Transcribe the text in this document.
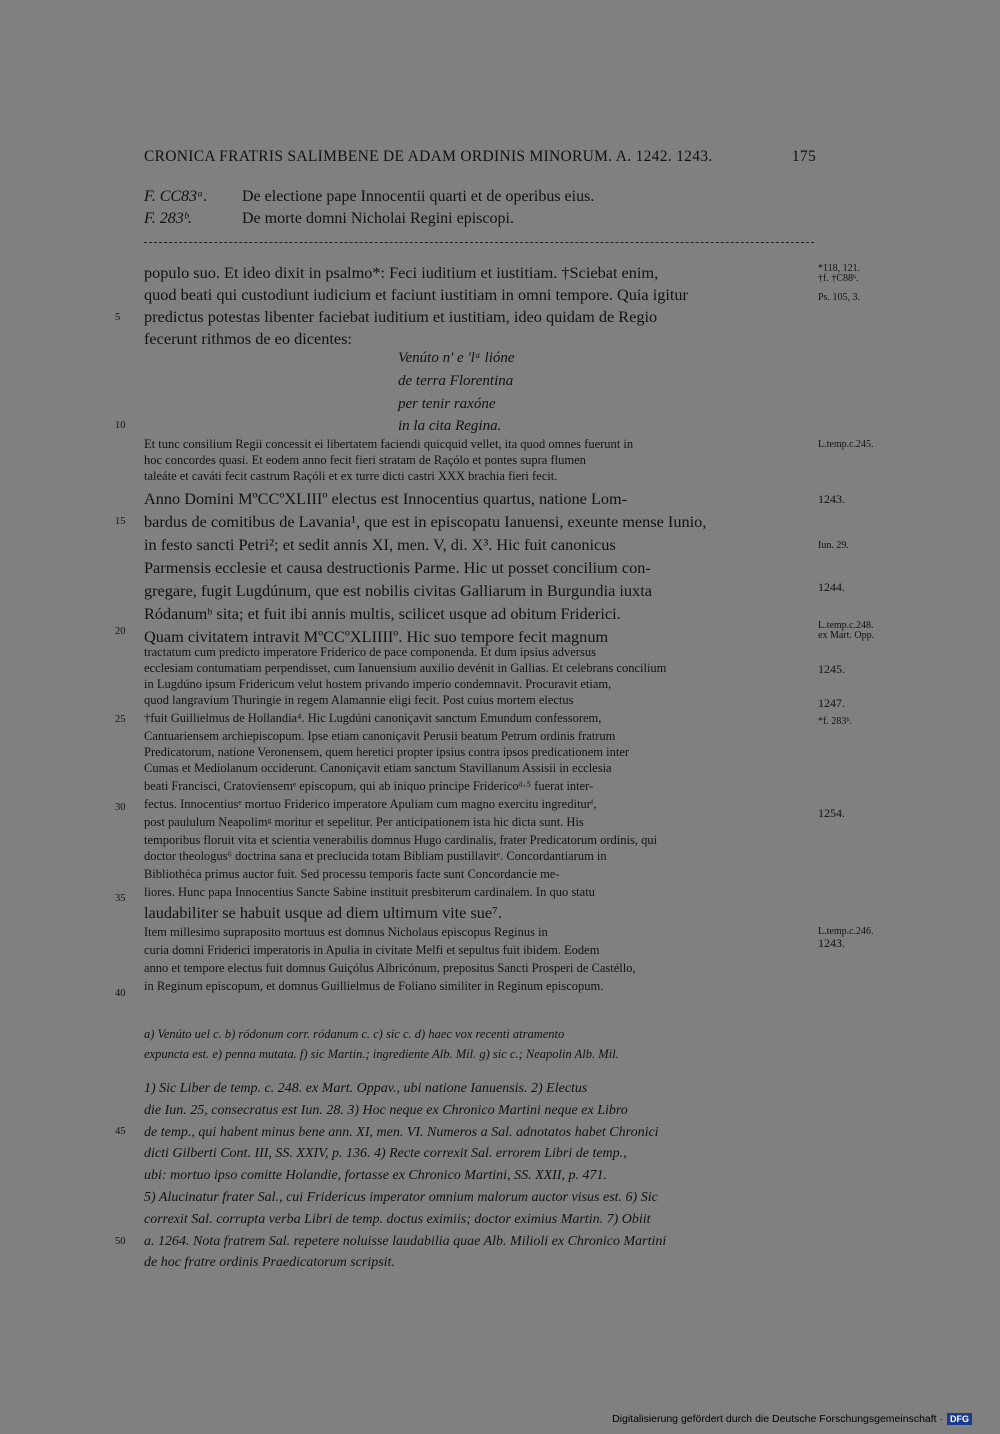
CRONICA FRATRIS SALIMBENE DE ADAM ORDINIS MINORUM. A. 1242. 1243.	175
F. CC83ᵃ. De electione pape Innocentii quarti et de operibus eius.
F. 283ᵇ.	De morte domni Nicholai Regini episcopi.
populo suo. Et ideo dixit in psalmo*: Feci iuditium et iustitiam. †Sciebat enim,
quod beati qui custodiunt iudicium et faciunt iustitiam in omni tempore. Quia igitur
predictus potestas libenter faciebat iuditium et iustitiam, ideo quidam de Regio
fecerunt rithmos de eo dicentes:
Et tunc consilium Regii concessit ei libertatem faciendi quicquid vellet, ita quod omnes fuerunt in
hoc concordes quasi. Et eodem anno fecit fieri stratam de Raçólo et pontes supra flumen
taleáte et caváti fecit castrum Raçóli et ex turre dicti castri XXX brachia fieri fecit.
Anno Domini MºCCºXLIIIº electus est Innocentius quartus, natione Lom-
bardus de comitibus de Lavania¹, que est in episcopatu Ianuensi, exeunte mense Iunio,
in festo sancti Petri²; et sedit annis XI, men. V, di. X³. Hic fuit canonicus
Parmensis ecclesie et causa destructionis Parme. Hic ut posset concilium con-
gregare, fugit Lugdúnum, que est nobilis civitas Galliarum in Burgundia iuxta
Ródanumᵇ sita; et fuit ibi annis multis, scilicet usque ad obitum Friderici.
Quam civitatem intravit MºCCºXLIIIIº. Hic suo tempore fecit magnum
tractatum cum predicto imperatore Friderico de pace componenda. Et dum ipsius adversus
ecclesiam contumatiam perpendisset, cum Ianuensium auxilio devénit in Gallias. Et celebrans concilium
in Lugdúno ipsum Fridericum velut hostem privando imperio condemnavit. Procuravit etiam,
quod langravium Thuringie in regem Alamannie eligi fecit. Post cuius mortem electus
†fuit Guillielmus de Hollandia⁴. Hic Lugdúni canoniçavit sanctum Emundum confessorem,
Cantuariensem archiepiscopum. Ipse etiam canoniçavit Perusii beatum Petrum ordinis fratrum
Predicatorum, natione Veronensem, quem heretici propter ipsius contra ipsos predicationem inter
Cumas et Mediolanum occiderunt. Canoniçavit etiam sanctum Stavillanum Assisii in ecclesia
beati Francisci, Cratoviensemᵉ episcopum, qui ab iniquo principe Fridericoᵈ·⁵ fuerat inter-
fectus. Innocentiusᵉ mortuo Friderico imperatore Apuliam cum magno exercitu ingrediturᶠ,
post paululum Neapolimᵍ moritur et sepelitur. Per anticipationem ista hic dicta sunt. His
temporibus floruit vita et scientia venerabilis domnus Hugo cardinalis, frater Predicatorum ordinis, qui
doctor theologus⁶ doctrina sana et preclucida totam Bibliam pustillavitᵉ. Concordantiarum in
Bibliothéca primus auctor fuit. Sed processu temporis facte sunt Concordancie me-
liores. Hunc papa Innocentius Sancte Sabine instituit presbiterum cardinalem. In quo statu
laudabiliter se habuit usque ad diem ultimum vite sue⁷.
Item millesimo supraposito mortuus est domnus Nicholaus episcopus Reginus in
curia domni Friderici imperatoris in Apulia in civitate Melfi et sepultus fuit ibidem. Eodem
anno et tempore electus fuit domnus Guiçólus Albricónum, prepositus Sancti Prosperi de Castéllo,
in Reginum episcopum, et domnus Guillielmus de Foliano similiter in Reginum episcopum.
Venúto n' e 'lᵃ lióne
de terra Florentina
per tenir raxóne
in la cita Regina.
5
10
15
20
25
30
35
40
45
50
*118, 121.
†f. †C88ᵇ.
Ps. 105, 3.
L.temp.c.245.
1243.
Iun. 29.
1244.
L.temp.c.248.
ex Mart. Opp.
1245.
1247.
*f. 283ᵇ.
1254.
L.temp.c.246.
1243.
a) Venúto uel c. b) ródonum corr. ródanum c. c) sic c. d) haec vox recenti atramento
expuncta est. e) penna mutata. f) sic Martin.; ingrediente Alb. Mil. g) sic c.; Neapolin Alb. Mil.
1) Sic Liber de temp. c. 248. ex Mart. Oppav., ubi natione Ianuensis. 2) Electus
die Iun. 25, consecratus est Iun. 28. 3) Hoc neque ex Chronico Martini neque ex Libro
de temp., qui habent minus bene ann. XI, men. VI. Numeros a Sal. adnotatos habet Chronici
dicti Gilberti Cont. III, SS. XXIV, p. 136. 4) Recte correxit Sal. errorem Libri de temp.,
ubi: mortuo ipso comitte Holandie, fortasse ex Chronico Martini, SS. XXII, p. 471.
5) Alucinatur frater Sal., cui Fridericus imperator omnium malorum auctor visus est. 6) Sic
correxit Sal. corrupta verba Libri de temp. doctus eximiis; doctor eximius Martin. 7) Obiit
a. 1264. Nota fratrem Sal. repetere noluisse laudabilia quae Alb. Milioli ex Chronico Martini
de hoc fratre ordinis Praedicatorum scripsit.
Digitalisierung gefördert durch die Deutsche Forschungsgemeinschaft · DFG
